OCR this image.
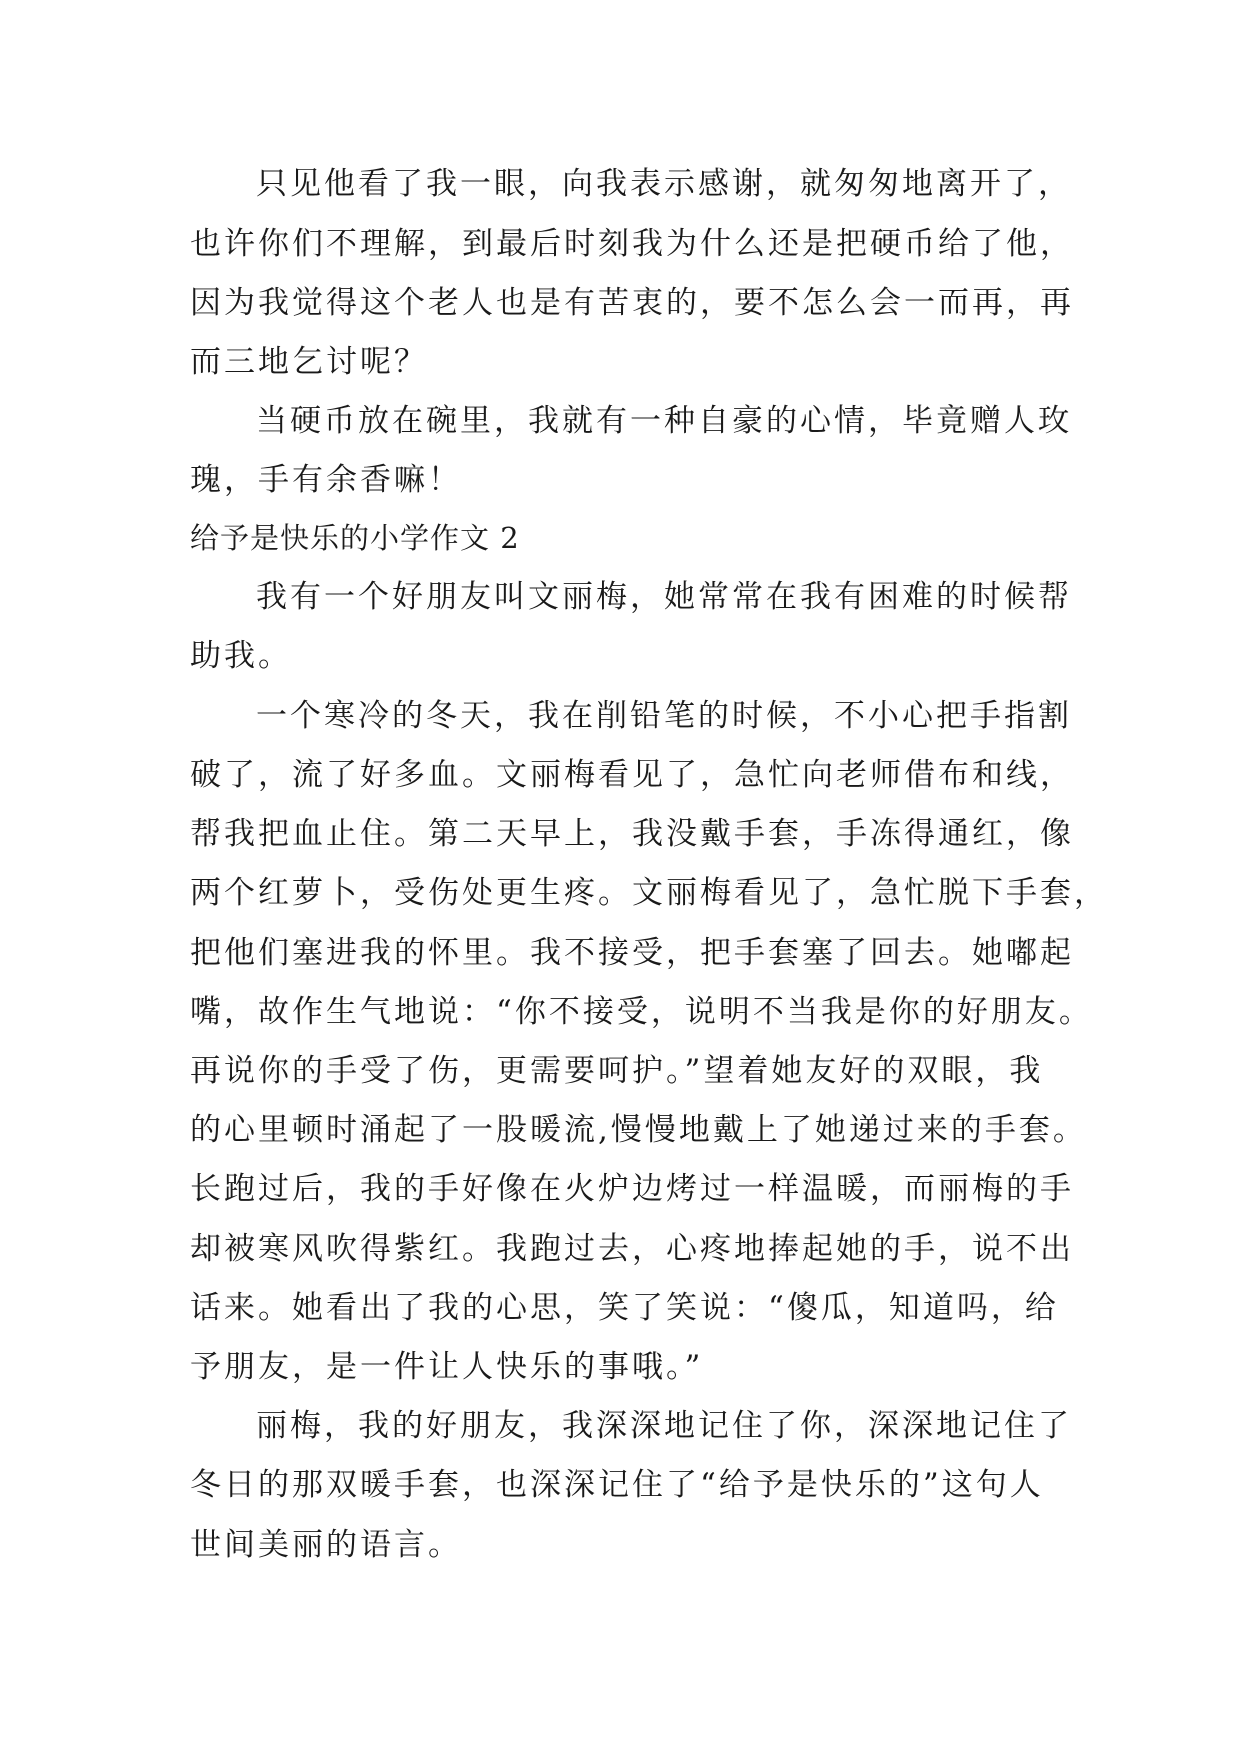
只见他看了我一眼，向我表示感谢，就匆匆地离开了，
也许你们不理解，到最后时刻我为什么还是把硬币给了他，
因为我觉得这个老人也是有苦衷的，要不怎么会一而再，再
而三地乞讨呢？
当硬币放在碗里，我就有一种自豪的心情，毕竟赠人玫
瑰，手有余香嘛！
给予是快乐的小学作文 2
我有一个好朋友叫文丽梅，她常常在我有困难的时候帮
助我。
一个寒冷的冬天，我在削铅笔的时候，不小心把手指割
破了，流了好多血。文丽梅看见了，急忙向老师借布和线，
帮我把血止住。第二天早上，我没戴手套，手冻得通红，像
两个红萝卜，受伤处更生疼。文丽梅看见了，急忙脱下手套，
把他们塞进我的怀里。我不接受，把手套塞了回去。她嘟起
嘴，故作生气地说：“你不接受，说明不当我是你的好朋友。
再说你的手受了伤，更需要呵护。”望着她友好的双眼，我
的心里顿时涌起了一股暖流,慢慢地戴上了她递过来的手套。
长跑过后，我的手好像在火炉边烤过一样温暖，而丽梅的手
却被寒风吹得紫红。我跑过去，心疼地捧起她的手，说不出
话来。她看出了我的心思，笑了笑说：“傻瓜，知道吗，给
予朋友，是一件让人快乐的事哦。”
丽梅，我的好朋友，我深深地记住了你，深深地记住了
冬日的那双暖手套，也深深记住了“给予是快乐的”这句人
世间美丽的语言。
